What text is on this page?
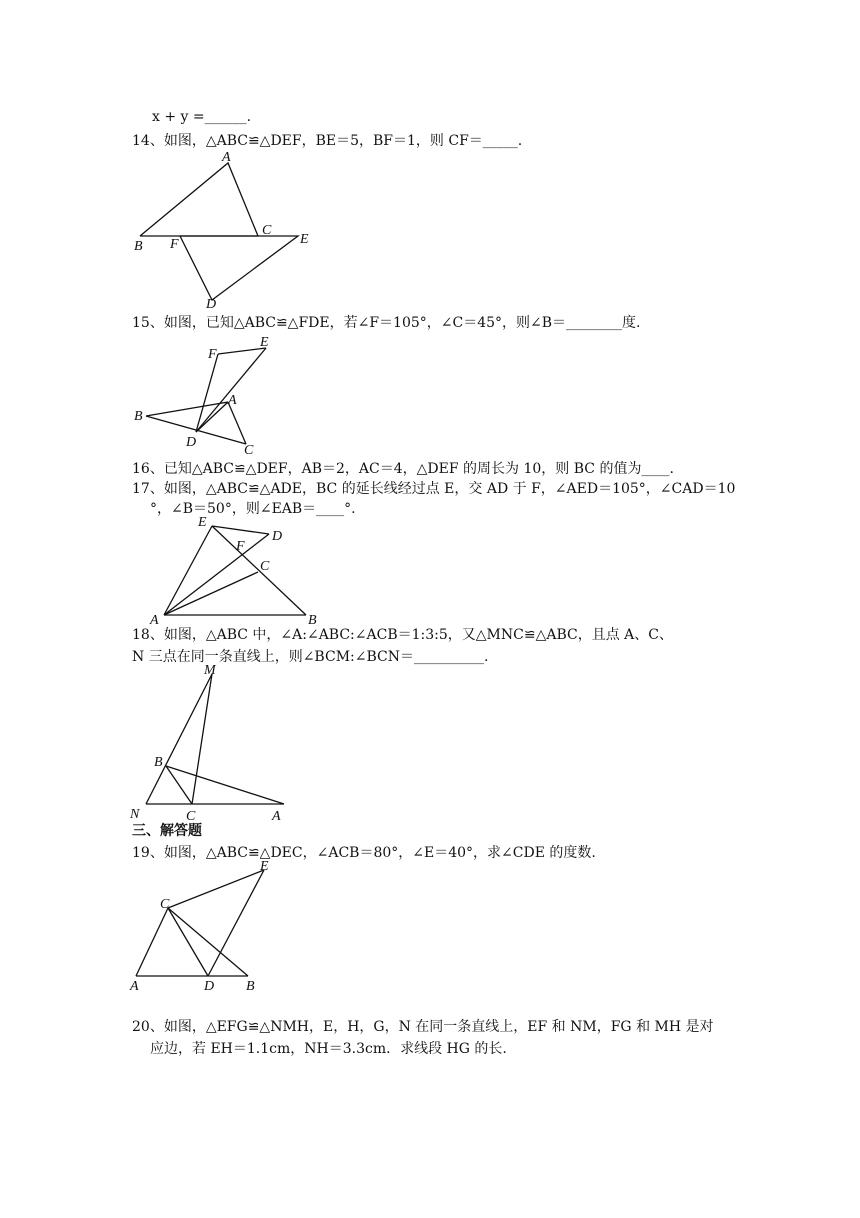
x + y =______.
14、如图，△ABC≌△DEF，BE＝5，BF＝1，则 CF＝_____.
A
B F
C
E
D
15、如图，已知△ABC≌△FDE，若∠F＝105°，∠C＝45°，则∠B＝________度.
F
E
B
A
D
C
16、已知△ABC≌△DEF，AB＝2，AC＝4，△DEF 的周长为 10，则 BC 的值为____.
17、如图，△ABC≌△ADE，BC 的延长线经过点 E，交 AD 于 F，∠AED＝105°，∠CAD＝10
°，∠B＝50°，则∠EAB＝____°.
E
F
D
C
A	B
18、如图，△ABC 中，∠A:∠ABC:∠ACB＝1:3:5，又△MNC≌△ABC，且点 A、C、
N 三点在同一条直线上，则∠BCM:∠BCN＝__________.
M
B
N	C	A
三、解答题
19、如图，△ABC≌△DEC，∠ACB＝80°，∠E＝40°，求∠CDE 的度数.
E
C
A	D B
20、如图，△EFG≌△NMH，E，H，G，N 在同一条直线上，EF 和 NM，FG 和 MH 是对
应边，若 EH＝1.1cm，NH＝3.3cm．求线段 HG 的长.
